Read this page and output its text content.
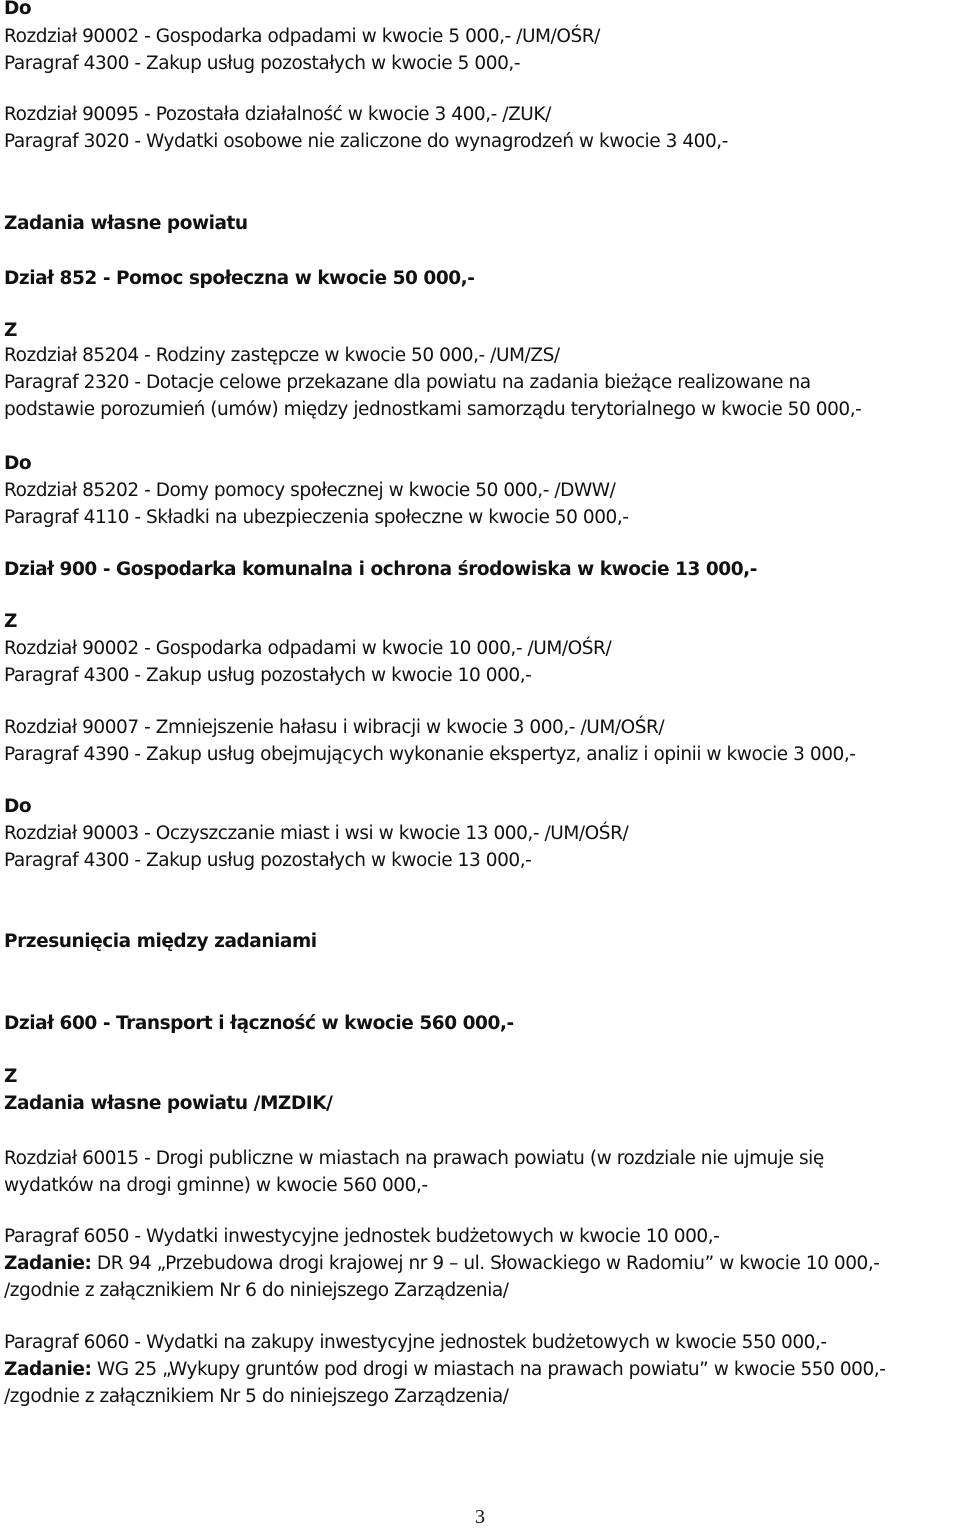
Do

Rozdział 90002 - Gospodarka odpadami w kwocie 5 000,- /UM/OŚR/

Paragraf 4300 - Zakup usług pozostałych w kwocie 5 000,-

Rozdział 90095 - Pozostała działalność w kwocie 3 400,- /ZUK/

Paragraf 3020 - Wydatki osobowe nie zaliczone do wynagrodzeń w kwocie 3 400,-

Zadania własne powiatu

Dział 852 - Pomoc społeczna w kwocie 50 000,-

Z

Rozdział 85204 - Rodziny zastępcze w kwocie 50 000,- /UM/ZS/

Paragraf 2320 - Dotacje celowe przekazane dla powiatu na zadania bieżące realizowane na

podstawie porozumień (umów) między jednostkami samorządu terytorialnego w kwocie 50 000,-

Do

Rozdział 85202 - Domy pomocy społecznej w kwocie 50 000,- /DWW/

Paragraf 4110 - Składki na ubezpieczenia społeczne w kwocie 50 000,-

Dział 900 - Gospodarka komunalna i ochrona środowiska w kwocie 13 000,-

Z

Rozdział 90002 - Gospodarka odpadami w kwocie 10 000,- /UM/OŚR/

Paragraf 4300 - Zakup usług pozostałych w kwocie 10 000,-

Rozdział 90007 - Zmniejszenie hałasu i wibracji w kwocie 3 000,- /UM/OŚR/

Paragraf 4390 - Zakup usług obejmujących wykonanie ekspertyz, analiz i opinii w kwocie 3 000,-

Do

Rozdział 90003 - Oczyszczanie miast i wsi w kwocie 13 000,- /UM/OŚR/

Paragraf 4300 - Zakup usług pozostałych w kwocie 13 000,-

Przesunięcia między zadaniami

Dział 600 - Transport i łączność w kwocie 560 000,-

Z

Zadania własne powiatu /MZDIK/

Rozdział 60015 - Drogi publiczne w miastach na prawach powiatu (w rozdziale nie ujmuje się

wydatków na drogi gminne) w kwocie 560 000,-

Paragraf 6050 - Wydatki inwestycyjne jednostek budżetowych w kwocie 10 000,-

Zadanie: DR 94 „Przebudowa drogi krajowej nr 9 – ul. Słowackiego w Radomiu” w kwocie 10 000,-

/zgodnie z załącznikiem Nr 6 do niniejszego Zarządzenia/

Paragraf 6060 - Wydatki na zakupy inwestycyjne jednostek budżetowych w kwocie 550 000,-

Zadanie: WG 25 „Wykupy gruntów pod drogi w miastach na prawach powiatu” w kwocie 550 000,-

/zgodnie z załącznikiem Nr 5 do niniejszego Zarządzenia/

3
